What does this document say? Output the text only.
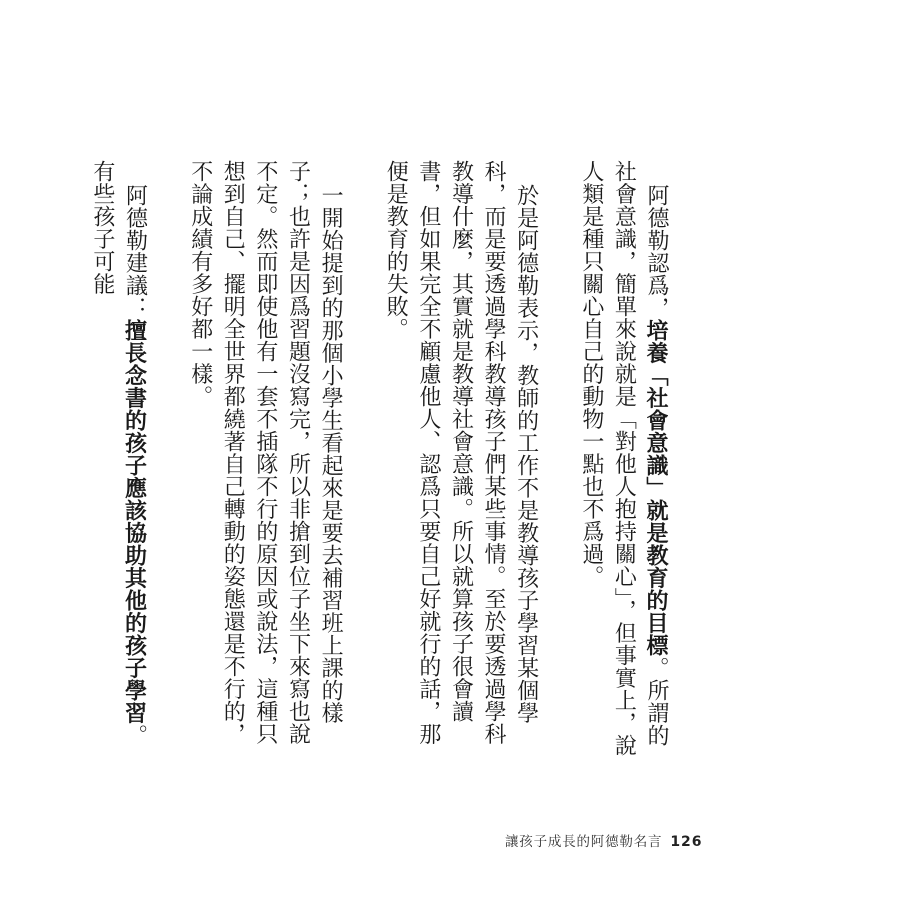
阿德勒認爲，培養「社會意識」就是教育的目標。所謂的社會意識，簡單來說就是「對他人抱持關心」，但事實上，說人類是種只關心自己的動物一點也不爲過。

於是阿德勒表示，教師的工作不是教導孩子學習某個學科，而是要透過學科教導孩子們某些事情。至於要透過學科教導什麼，其實就是教導社會意識。所以就算孩子很會讀書，但如果完全不顧慮他人、認爲只要自己好就行的話，那便是教育的失敗。

一開始提到的那個小學生看起來是要去補習班上課的樣子；也許是因爲習題沒寫完，所以非搶到位子坐下來寫也說不定。然而即使他有一套不插隊不行的原因或說法，這種只想到自己、擺明全世界都繞著自己轉動的姿態還是不行的，不論成績有多好都一樣。

阿德勒建議：擅長念書的孩子應該協助其他的孩子學習。有些孩子可能

讓孩子成長的阿德勒名言 126
